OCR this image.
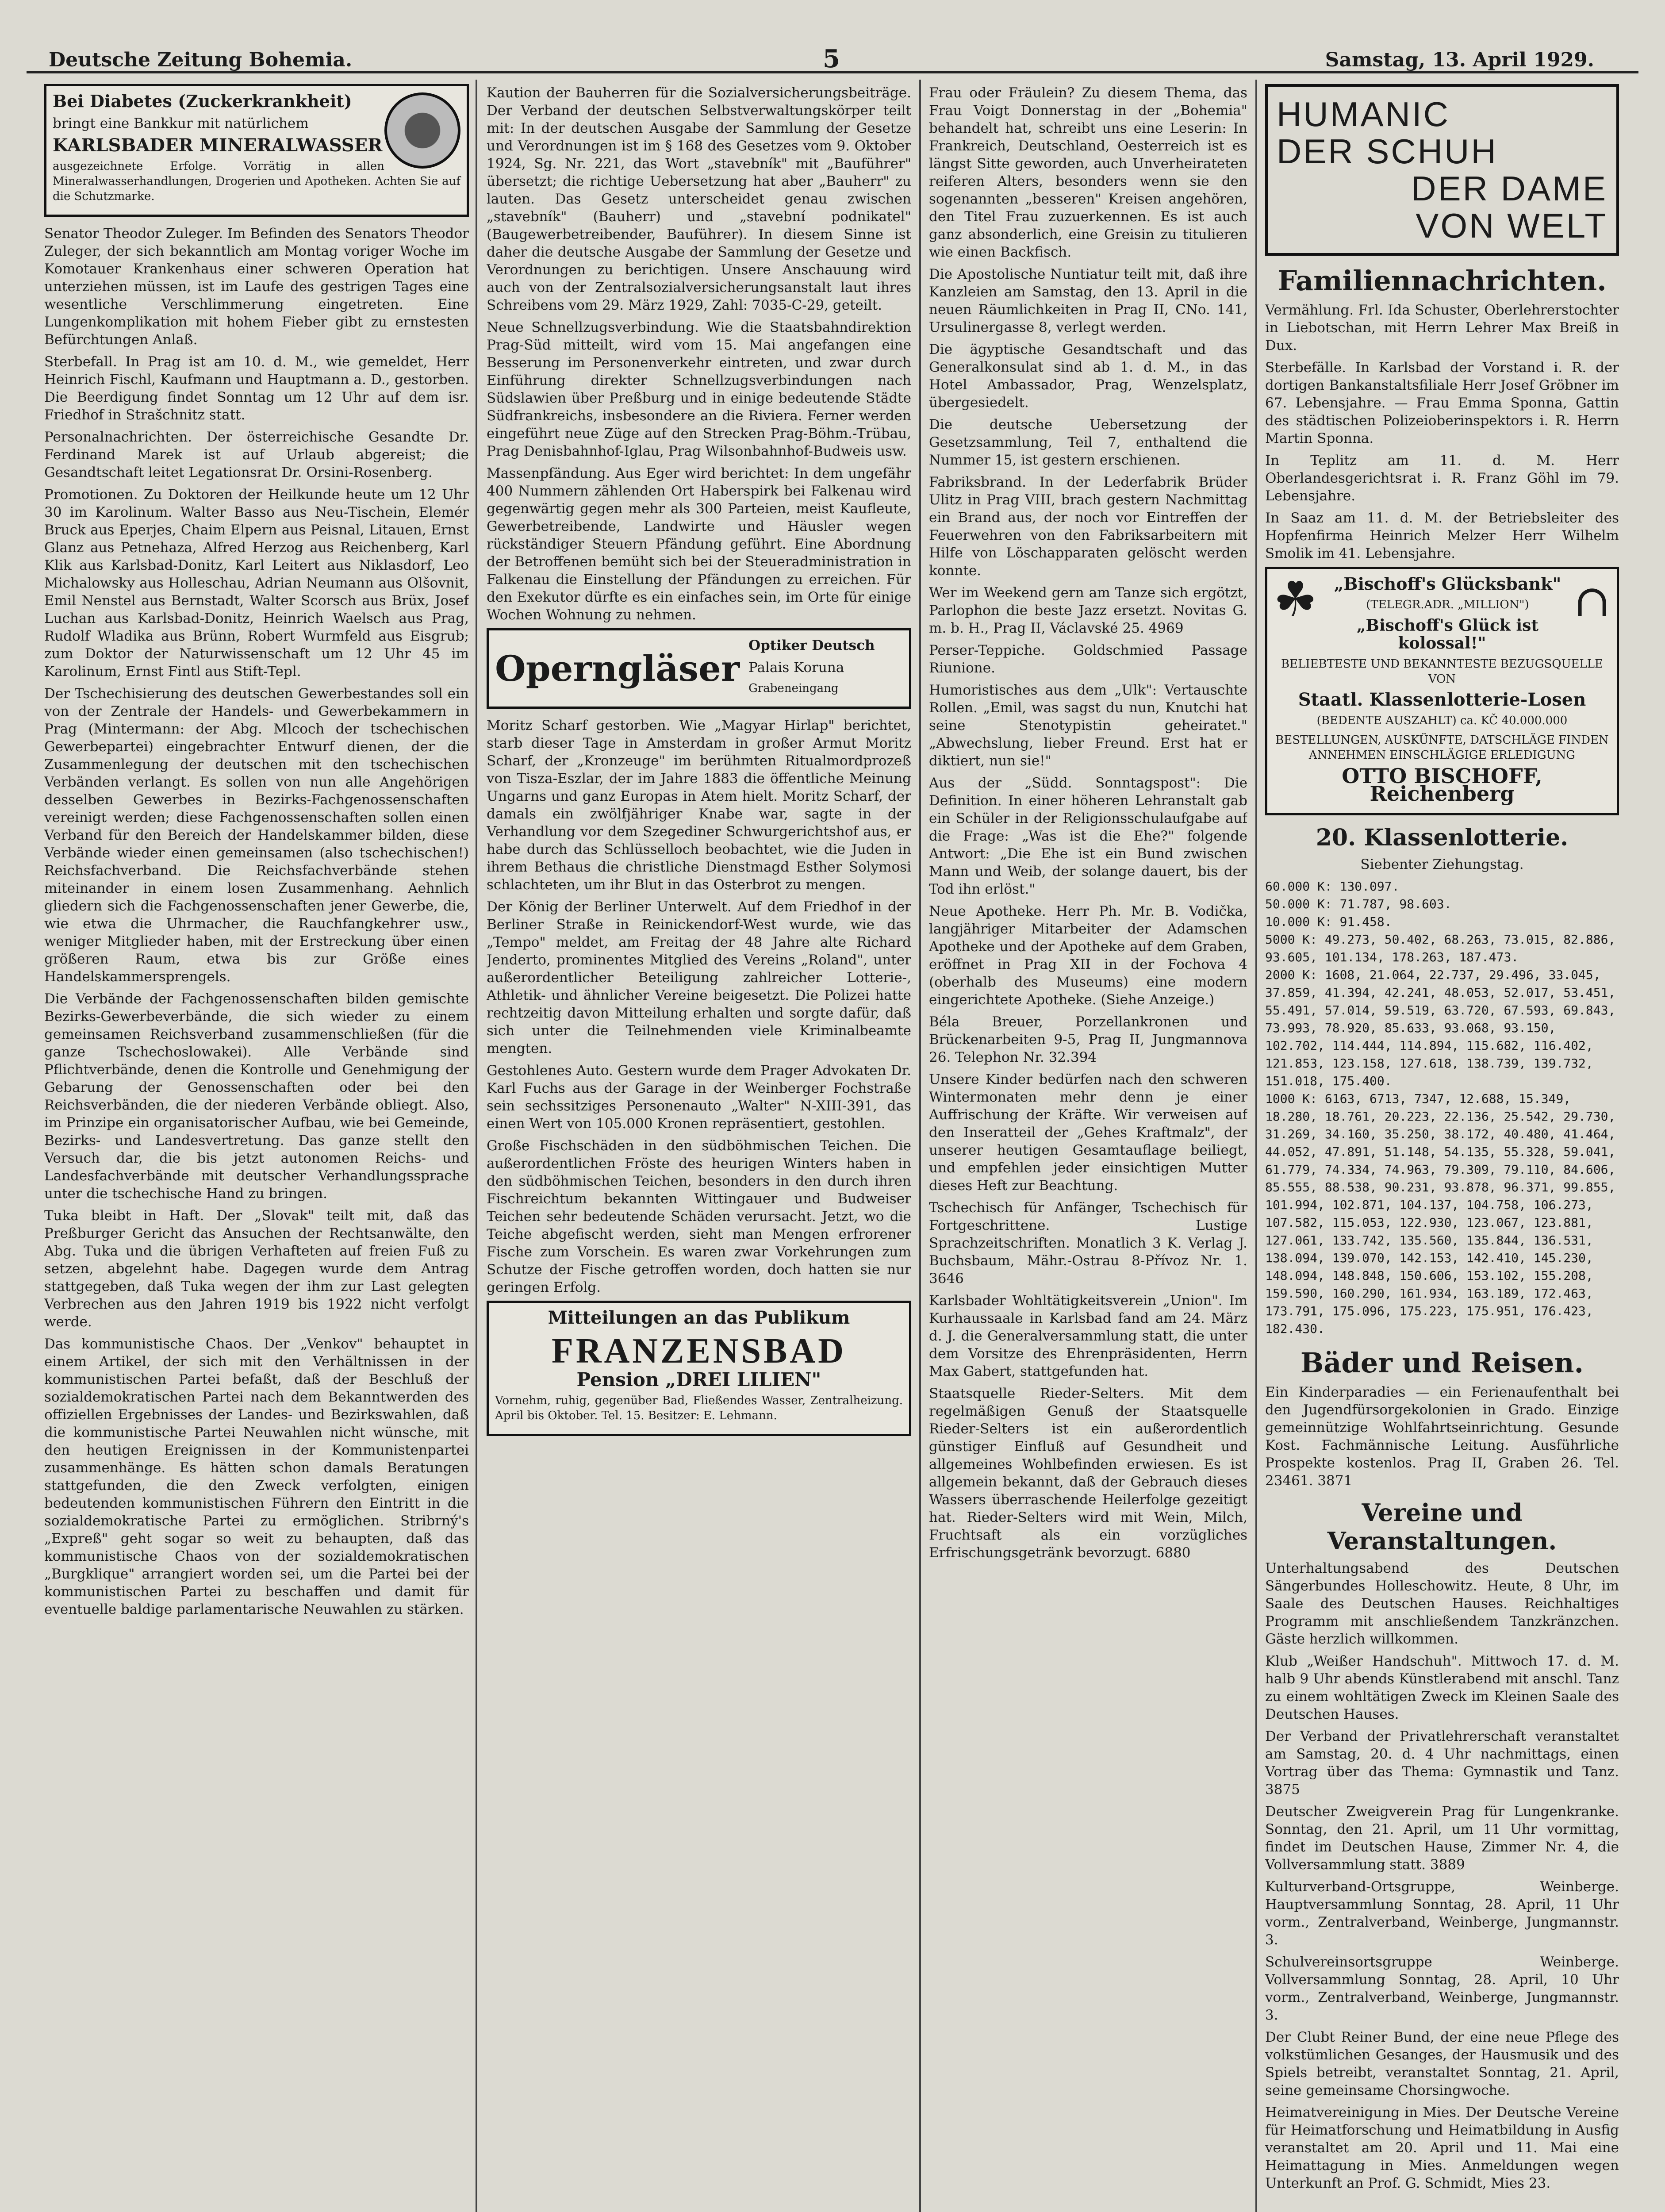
Deutsche Zeitung Bohemia.	5	Samstag, 13. April 1929.
Bei Diabetes (Zuckerkrankheit)
bringt eine Bankkur mit natürlichem
KARLSBADER MINERALWASSER
ausgezeichnete Erfolge. Vorrätig in allen Mineralwasserhandlungen, Drogerien und Apotheken. Achten Sie auf die Schutzmarke.

Senator Theodor Zuleger. Im Befinden des Senators Theodor Zuleger, der sich bekanntlich am Montag voriger Woche im Komotauer Krankenhaus einer schweren Operation hat unterziehen müssen, ist im Laufe des gestrigen Tages eine wesentliche Verschlimmerung eingetreten. Eine Lungenkomplikation mit hohem Fieber gibt zu ernstesten Befürchtungen Anlaß.

Sterbefall. In Prag ist am 10. d. M., wie gemeldet, Herr Heinrich Fischl, Kaufmann und Hauptmann a. D., gestorben. Die Beerdigung findet Sonntag um 12 Uhr auf dem isr. Friedhof in Strašchnitz statt.

Personalnachrichten. Der österreichische Gesandte Dr. Ferdinand Marek ist auf Urlaub abgereist; die Gesandtschaft leitet Legationsrat Dr. Orsini-Rosenberg.

Promotionen. Zu Doktoren der Heilkunde heute um 12 Uhr 30 im Karolinum. Walter Basso aus Neu-Tischein, Elemér Bruck aus Eperjes, Chaim Elpern aus Peisnal, Litauen, Ernst Glanz aus Petnehaza, Alfred Herzog aus Reichenberg, Karl Klik aus Karlsbad-Donitz, Karl Leitert aus Niklasdorf, Leo Michalowsky aus Holleschau, Adrian Neumann aus Olšovnit, Emil Nenstel aus Bernstadt, Walter Scorsch aus Brüx, Josef Luchan aus Karlsbad-Donitz, Heinrich Waelsch aus Prag, Rudolf Wladika aus Brünn, Robert Wurmfeld aus Eisgrub; zum Doktor der Naturwissenschaft um 12 Uhr 45 im Karolinum, Ernst Fintl aus Stift-Tepl.

Der Tschechisierung des deutschen Gewerbestandes soll ein von der Zentrale der Handels- und Gewerbekammern in Prag (Mintermann: der Abg. Mlcoch der tschechischen Gewerbepartei) eingebrachter Entwurf dienen, der die Zusammenlegung der deutschen mit den tschechischen Verbänden verlangt. Es sollen von nun alle Angehörigen desselben Gewerbes in Bezirks-Fachgenossenschaften vereinigt werden; diese Fachgenossenschaften sollen einen Verband für den Bereich der Handelskammer bilden, diese Verbände wieder einen gemeinsamen (also tschechischen!) Reichsfachverband. Die Reichsfachverbände stehen miteinander in einem losen Zusammenhang. Aehnlich gliedern sich die Fachgenossenschaften jener Gewerbe, die, wie etwa die Uhrmacher, die Rauchfangkehrer usw., weniger Mitglieder haben, mit der Erstreckung über einen größeren Raum, etwa bis zur Größe eines Handelskammersprengels.

Die Verbände der Fachgenossenschaften bilden gemischte Bezirks-Gewerbeverbände, die sich wieder zu einem gemeinsamen Reichsverband zusammenschließen (für die ganze Tschechoslowakei). Alle Verbände sind Pflichtverbände, denen die Kontrolle und Genehmigung der Gebarung der Genossenschaften oder bei den Reichsverbänden, die der niederen Verbände obliegt. Also, im Prinzipe ein organisatorischer Aufbau, wie bei Gemeinde, Bezirks- und Landesvertretung. Das ganze stellt den Versuch dar, die bis jetzt autonomen Reichs- und Landesfachverbände mit deutscher Verhandlungssprache unter die tschechische Hand zu bringen.

Tuka bleibt in Haft. Der „Slovak" teilt mit, daß das Preßburger Gericht das Ansuchen der Rechtsanwälte, den Abg. Tuka und die übrigen Verhafteten auf freien Fuß zu setzen, abgelehnt habe. Dagegen wurde dem Antrag stattgegeben, daß Tuka wegen der ihm zur Last gelegten Verbrechen aus den Jahren 1919 bis 1922 nicht verfolgt werde.

Das kommunistische Chaos. Der „Venkov" behauptet in einem Artikel, der sich mit den Verhältnissen in der kommunistischen Partei befaßt, daß der Beschluß der sozialdemokratischen Partei nach dem Bekanntwerden des offiziellen Ergebnisses der Landes- und Bezirkswahlen, daß die kommunistische Partei Neuwahlen nicht wünsche, mit den heutigen Ereignissen in der Kommunistenpartei zusammenhänge. Es hätten schon damals Beratungen stattgefunden, die den Zweck verfolgten, einigen bedeutenden kommunistischen Führern den Eintritt in die sozialdemokratische Partei zu ermöglichen. Stribrný's „Expreß" geht sogar so weit zu behaupten, daß das kommunistische Chaos von der sozialdemokratischen „Burgklique" arrangiert worden sei, um die Partei bei der kommunistischen Partei zu beschaffen und damit für eventuelle baldige parlamentarische Neuwahlen zu stärken.

Kaution der Bauherren für die Sozialversicherungsbeiträge. Der Verband der deutschen Selbstverwaltungskörper teilt mit: In der deutschen Ausgabe der Sammlung der Gesetze und Verordnungen ist im § 168 des Gesetzes vom 9. Oktober 1924, Sg. Nr. 221, das Wort „stavebník" mit „Bauführer" übersetzt; die richtige Uebersetzung hat aber „Bauherr" zu lauten. Das Gesetz unterscheidet genau zwischen „stavebník" (Bauherr) und „stavební podnikatel" (Baugewerbetreibender, Bauführer). In diesem Sinne ist daher die deutsche Ausgabe der Sammlung der Gesetze und Verordnungen zu berichtigen. Unsere Anschauung wird auch von der Zentralsozialversicherungsanstalt laut ihres Schreibens vom 29. März 1929, Zahl: 7035-C-29, geteilt.

Neue Schnellzugsverbindung. Wie die Staatsbahndirektion Prag-Süd mitteilt, wird vom 15. Mai angefangen eine Besserung im Personenverkehr eintreten, und zwar durch Einführung direkter Schnellzugsverbindungen nach Südslawien über Preßburg und in einige bedeutende Städte Südfrankreichs, insbesondere an die Riviera. Ferner werden eingeführt neue Züge auf den Strecken Prag-Böhm.-Trübau, Prag Denisbahnhof-Iglau, Prag Wilsonbahnhof-Budweis usw.

Massenpfändung. Aus Eger wird berichtet: In dem ungefähr 400 Nummern zählenden Ort Haberspirk bei Falkenau wird gegenwärtig gegen mehr als 300 Parteien, meist Kaufleute, Gewerbetreibende, Landwirte und Häusler wegen rückständiger Steuern Pfändung geführt. Eine Abordnung der Betroffenen bemüht sich bei der Steueradministration in Falkenau die Einstellung der Pfändungen zu erreichen. Für den Exekutor dürfte es ein einfaches sein, im Orte für einige Wochen Wohnung zu nehmen.

Operngläser
Optiker Deutsch
Palais Koruna
Grabeneingang

Moritz Scharf gestorben. Wie „Magyar Hirlap" berichtet, starb dieser Tage in Amsterdam in großer Armut Moritz Scharf, der „Kronzeuge" im berühmten Ritualmordprozeß von Tisza-Eszlar, der im Jahre 1883 die öffentliche Meinung Ungarns und ganz Europas in Atem hielt. Moritz Scharf, der damals ein zwölfjähriger Knabe war, sagte in der Verhandlung vor dem Szegediner Schwurgerichtshof aus, er habe durch das Schlüsselloch beobachtet, wie die Juden in ihrem Bethaus die christliche Dienstmagd Esther Solymosi schlachteten, um ihr Blut in das Osterbrot zu mengen.

Der König der Berliner Unterwelt. Auf dem Friedhof in der Berliner Straße in Reinickendorf-West wurde, wie das „Tempo" meldet, am Freitag der 48 Jahre alte Richard Jenderto, prominentes Mitglied des Vereins „Roland", unter außerordentlicher Beteiligung zahlreicher Lotterie-, Athletik- und ähnlicher Vereine beigesetzt. Die Polizei hatte rechtzeitig davon Mitteilung erhalten und sorgte dafür, daß sich unter die Teilnehmenden viele Kriminalbeamte mengten.

Gestohlenes Auto. Gestern wurde dem Prager Advokaten Dr. Karl Fuchs aus der Garage in der Weinberger Fochstraße sein sechssitziges Personenauto „Walter" N-XIII-391, das einen Wert von 105.000 Kronen repräsentiert, gestohlen.

Große Fischschäden in den südböhmischen Teichen. Die außerordentlichen Fröste des heurigen Winters haben in den südböhmischen Teichen, besonders in den durch ihren Fischreichtum bekannten Wittingauer und Budweiser Teichen sehr bedeutende Schäden verursacht. Jetzt, wo die Teiche abgefischt werden, sieht man Mengen erfrorener Fische zum Vorschein. Es waren zwar Vorkehrungen zum Schutze der Fische getroffen worden, doch hatten sie nur geringen Erfolg.

Mitteilungen an das Publikum
FRANZENSBAD
Pension „DREI LILIEN"
Vornehm, ruhig, gegenüber Bad, Fließendes Wasser, Zentralheizung. April bis Oktober. Tel. 15. Besitzer: E. Lehmann.

Frau oder Fräulein? Zu diesem Thema, das Frau Voigt Donnerstag in der „Bohemia" behandelt hat, schreibt uns eine Leserin: In Frankreich, Deutschland, Oesterreich ist es längst Sitte geworden, auch Unverheirateten reiferen Alters, besonders wenn sie den sogenannten „besseren" Kreisen angehören, den Titel Frau zuzuerkennen. Es ist auch ganz absonderlich, eine Greisin zu titulieren wie einen Backfisch.

Die Apostolische Nuntiatur teilt mit, daß ihre Kanzleien am Samstag, den 13. April in die neuen Räumlichkeiten in Prag II, CNo. 141, Ursulinergasse 8, verlegt werden.

Die ägyptische Gesandtschaft und das Generalkonsulat sind ab 1. d. M., in das Hotel Ambassador, Prag, Wenzelsplatz, übergesiedelt.

Die deutsche Uebersetzung der Gesetzsammlung, Teil 7, enthaltend die Nummer 15, ist gestern erschienen.

Fabriksbrand. In der Lederfabrik Brüder Ulitz in Prag VIII, brach gestern Nachmittag ein Brand aus, der noch vor Eintreffen der Feuerwehren von den Fabriksarbeitern mit Hilfe von Löschapparaten gelöscht werden konnte.

Wer im Weekend gern am Tanze sich ergötzt, Parlophon die beste Jazz ersetzt. Novitas G. m. b. H., Prag II, Václavské 25. 4969

Perser-Teppiche. Goldschmied Passage Riunione.

Humoristisches aus dem „Ulk": Vertauschte Rollen. „Emil, was sagst du nun, Knutchi hat seine Stenotypistin geheiratet." „Abwechslung, lieber Freund. Erst hat er diktiert, nun sie!"

Aus der „Südd. Sonntagspost": Die Definition. In einer höheren Lehranstalt gab ein Schüler in der Religionsschulaufgabe auf die Frage: „Was ist die Ehe?" folgende Antwort: „Die Ehe ist ein Bund zwischen Mann und Weib, der solange dauert, bis der Tod ihn erlöst."

Neue Apotheke. Herr Ph. Mr. B. Vodička, langjähriger Mitarbeiter der Adamschen Apotheke und der Apotheke auf dem Graben, eröffnet in Prag XII in der Fochova 4 (oberhalb des Museums) eine modern eingerichtete Apotheke. (Siehe Anzeige.)

Béla Breuer, Porzellankronen und Brückenarbeiten 9-5, Prag II, Jungmannova 26. Telephon Nr. 32.394

Unsere Kinder bedürfen nach den schweren Wintermonaten mehr denn je einer Auffrischung der Kräfte. Wir verweisen auf den Inseratteil der „Gehes Kraftmalz", der unserer heutigen Gesamtauflage beiliegt, und empfehlen jeder einsichtigen Mutter dieses Heft zur Beachtung.

Tschechisch für Anfänger, Tschechisch für Fortgeschrittene. Lustige Sprachzeitschriften. Monatlich 3 K. Verlag J. Buchsbaum, Mähr.-Ostrau 8-Přívoz Nr. 1. 3646

Karlsbader Wohltätigkeitsverein „Union". Im Kurhaussaale in Karlsbad fand am 24. März d. J. die Generalversammlung statt, die unter dem Vorsitze des Ehrenpräsidenten, Herrn Max Gabert, stattgefunden hat.

Staatsquelle Rieder-Selters. Mit dem regelmäßigen Genuß der Staatsquelle Rieder-Selters ist ein außerordentlich günstiger Einfluß auf Gesundheit und allgemeines Wohlbefinden erwiesen. Es ist allgemein bekannt, daß der Gebrauch dieses Wassers überraschende Heilerfolge gezeitigt hat. Rieder-Selters wird mit Wein, Milch, Fruchtsaft als ein vorzügliches Erfrischungsgetränk bevorzugt. 6880

HUMANIC
DER SCHUH
DER DAME
VON WELT
Familiennachrichten.

Vermählung. Frl. Ida Schuster, Oberlehrerstochter in Liebotschan, mit Herrn Lehrer Max Breiß in Dux.

Sterbefälle. In Karlsbad der Vorstand i. R. der dortigen Bankanstaltsfiliale Herr Josef Gröbner im 67. Lebensjahre. — Frau Emma Sponna, Gattin des städtischen Polizeioberinspektors i. R. Herrn Martin Sponna.

In Teplitz am 11. d. M. Herr Oberlandesgerichtsrat i. R. Franz Göhl im 79. Lebensjahre.

In Saaz am 11. d. M. der Betriebsleiter des Hopfenfirma Heinrich Melzer Herr Wilhelm Smolik im 41. Lebensjahre.

☘	∩
„Bischoff's Glücksbank"
(TELEGR.ADR. „MILLION")
„Bischoff's Glück ist kolossal!"
BELIEBTESTE UND BEKANNTESTE BEZUGSQUELLE VON
Staatl. Klassenlotterie-Losen
(BEDENTE AUSZAHLT) ca. KČ 40.000.000
BESTELLUNGEN, AUSKÜNFTE, DATSCHLÄGE FINDEN ANNEHMEN EINSCHLÄGIGE ERLEDIGUNG
OTTO BISCHOFF, Reichenberg
20. Klassenlotterie.
Siebenter Ziehungstag.
60.000 K: 130.097.
50.000 K: 71.787, 98.603.
10.000 K: 91.458.
5000 K: 49.273, 50.402, 68.263, 73.015, 82.886, 93.605, 101.134, 178.263, 187.473.
2000 K: 1608, 21.064, 22.737, 29.496, 33.045, 37.859, 41.394, 42.241, 48.053, 52.017, 53.451, 55.491, 57.014, 59.519, 63.720, 67.593, 69.843, 73.993, 78.920, 85.633, 93.068, 93.150, 102.702, 114.444, 114.894, 115.682, 116.402, 121.853, 123.158, 127.618, 138.739, 139.732, 151.018, 175.400.
1000 K: 6163, 6713, 7347, 12.688, 15.349, 18.280, 18.761, 20.223, 22.136, 25.542, 29.730, 31.269, 34.160, 35.250, 38.172, 40.480, 41.464, 44.052, 47.891, 51.148, 54.135, 55.328, 59.041, 61.779, 74.334, 74.963, 79.309, 79.110, 84.606, 85.555, 88.538, 90.231, 93.878, 96.371, 99.855, 101.994, 102.871, 104.137, 104.758, 106.273, 107.582, 115.053, 122.930, 123.067, 123.881, 127.061, 133.742, 135.560, 135.844, 136.531, 138.094, 139.070, 142.153, 142.410, 145.230, 148.094, 148.848, 150.606, 153.102, 155.208, 159.590, 160.290, 161.934, 163.189, 172.463, 173.791, 175.096, 175.223, 175.951, 176.423, 182.430.
Bäder und Reisen.

Ein Kinderparadies — ein Ferienaufenthalt bei den Jugendfürsorgekolonien in Grado. Einzige gemeinnützige Wohlfahrtseinrichtung. Gesunde Kost. Fachmännische Leitung. Ausführliche Prospekte kostenlos. Prag II, Graben 26. Tel. 23461. 3871

Vereine und Veranstaltungen.

Unterhaltungsabend des Deutschen Sängerbundes Holleschowitz. Heute, 8 Uhr, im Saale des Deutschen Hauses. Reichhaltiges Programm mit anschließendem Tanzkränzchen. Gäste herzlich willkommen.

Klub „Weißer Handschuh". Mittwoch 17. d. M. halb 9 Uhr abends Künstlerabend mit anschl. Tanz zu einem wohltätigen Zweck im Kleinen Saale des Deutschen Hauses.

Der Verband der Privatlehrerschaft veranstaltet am Samstag, 20. d. 4 Uhr nachmittags, einen Vortrag über das Thema: Gymnastik und Tanz. 3875

Deutscher Zweigverein Prag für Lungenkranke. Sonntag, den 21. April, um 11 Uhr vormittag, findet im Deutschen Hause, Zimmer Nr. 4, die Vollversammlung statt. 3889

Kulturverband-Ortsgruppe, Weinberge. Hauptversammlung Sonntag, 28. April, 11 Uhr vorm., Zentralverband, Weinberge, Jungmannstr. 3.

Schulvereinsortsgruppe Weinberge. Vollversammlung Sonntag, 28. April, 10 Uhr vorm., Zentralverband, Weinberge, Jungmannstr. 3.

Der Clubt Reiner Bund, der eine neue Pflege des volkstümlichen Gesanges, der Hausmusik und des Spiels betreibt, veranstaltet Sonntag, 21. April, seine gemeinsame Chorsingwoche.

Heimatvereinigung in Mies. Der Deutsche Vereine für Heimatforschung und Heimatbildung in Ausfig veranstaltet am 20. April und 11. Mai eine Heimattagung in Mies. Anmeldungen wegen Unterkunft an Prof. G. Schmidt, Mies 23.
